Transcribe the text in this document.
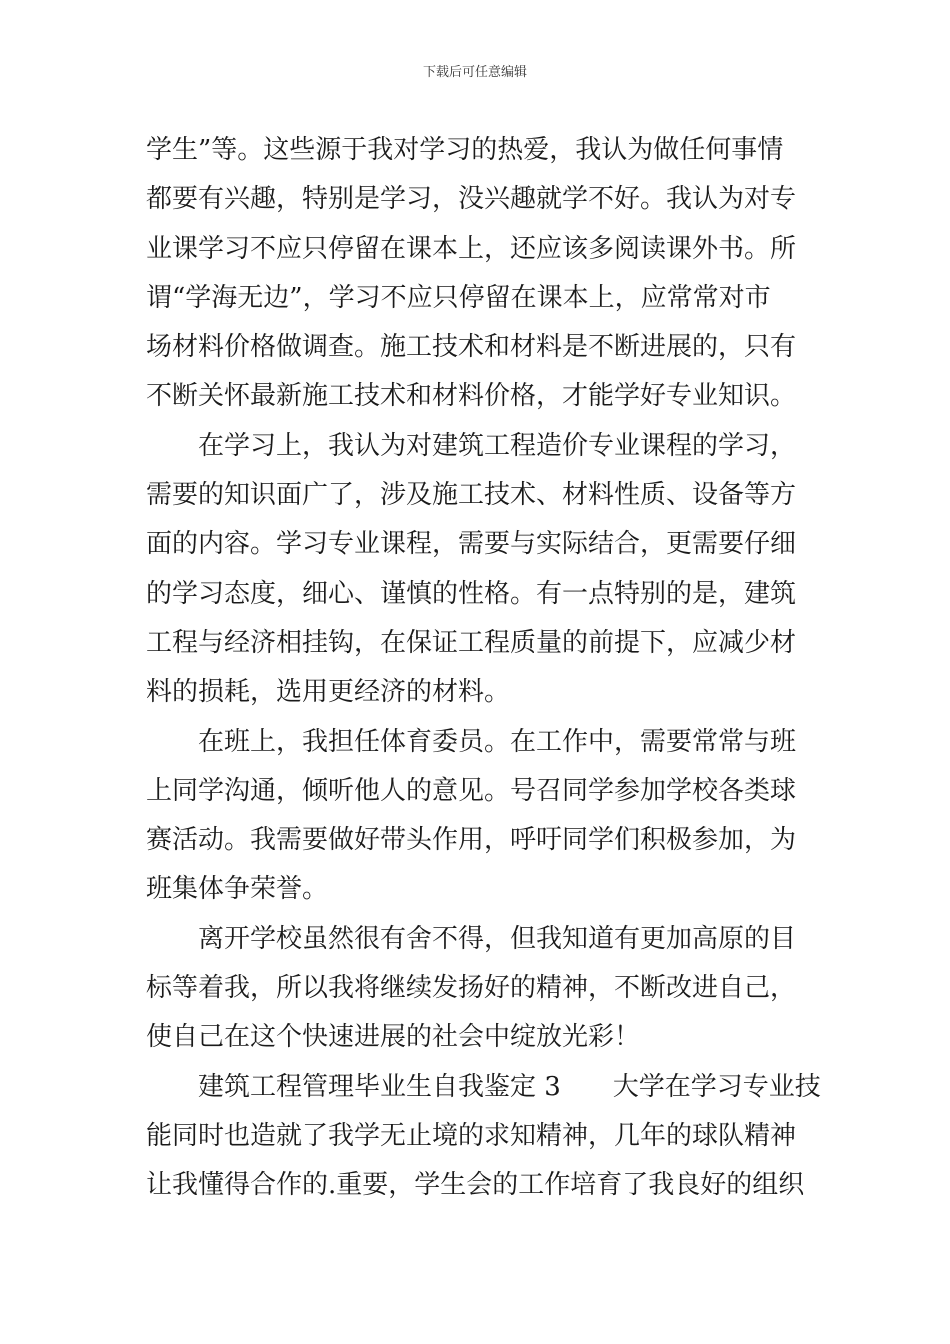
下载后可任意编辑
学生”等。这些源于我对学习的热爱，我认为做任何事情
都要有兴趣，特别是学习，没兴趣就学不好。我认为对专
业课学习不应只停留在课本上，还应该多阅读课外书。所
谓“学海无边”，学习不应只停留在课本上，应常常对市
场材料价格做调查。施工技术和材料是不断进展的，只有
不断关怀最新施工技术和材料价格，才能学好专业知识。
在学习上，我认为对建筑工程造价专业课程的学习，
需要的知识面广了，涉及施工技术、材料性质、设备等方
面的内容。学习专业课程，需要与实际结合，更需要仔细
的学习态度，细心、谨慎的性格。有一点特别的是，建筑
工程与经济相挂钩，在保证工程质量的前提下，应减少材
料的损耗，选用更经济的材料。
在班上，我担任体育委员。在工作中，需要常常与班
上同学沟通，倾听他人的意见。号召同学参加学校各类球
赛活动。我需要做好带头作用，呼吁同学们积极参加，为
班集体争荣誉。
离开学校虽然很有舍不得，但我知道有更加高原的目
标等着我，所以我将继续发扬好的精神，不断改进自己，
使自己在这个快速进展的社会中绽放光彩！
建筑工程管理毕业生自我鉴定 3　　大学在学习专业技
能同时也造就了我学无止境的求知精神，几年的球队精神
让我懂得合作的.重要，学生会的工作培育了我良好的组织
